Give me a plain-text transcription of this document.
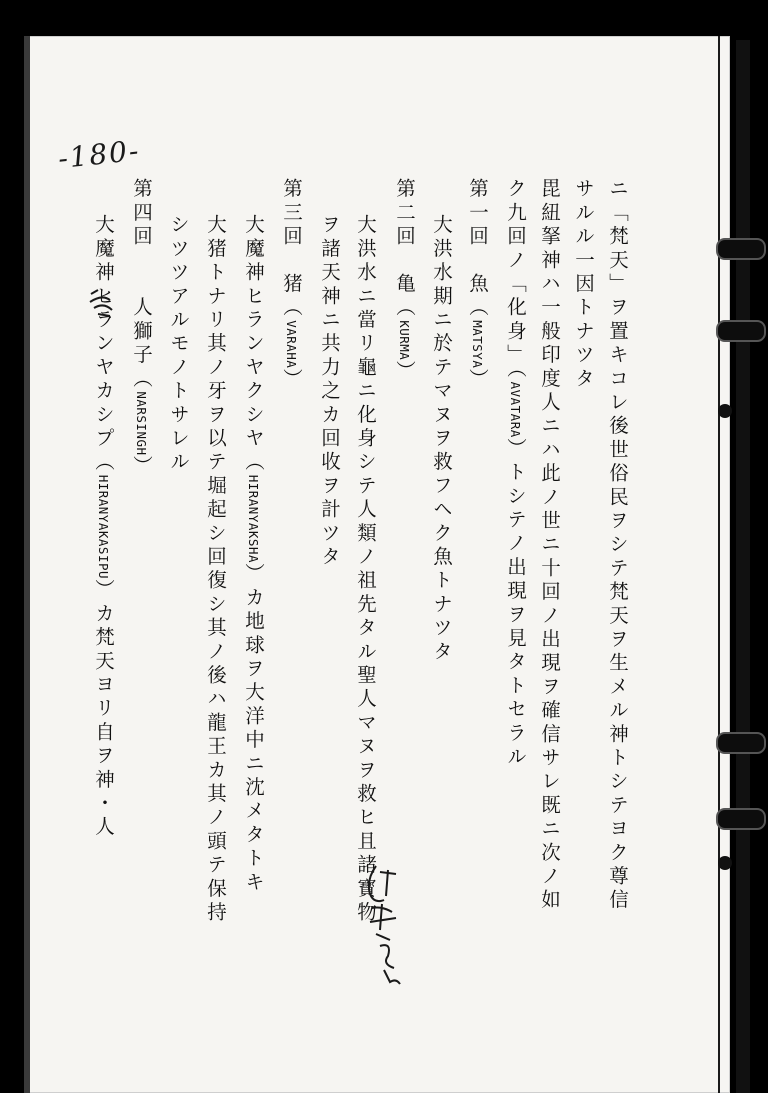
-180-
ニ「梵天」ヲ置キコレ後世俗民ヲシテ梵天ヲ生メル神トシテヨク尊信
サルル一因トナツタ
毘紐拏神ハ一般印度人ニハ此ノ世ニ十回ノ出現ヲ確信サレ既ニ次ノ如
ク九回ノ「化身」（AVATARA）トシテノ出現ヲ見タトセラル
第一回　魚（MATSYA）
大洪水期ニ於テマヌヲ救フヘク魚トナツタ
第二回　亀（KURMA）
大洪水ニ當リ龜ニ化身シテ人類ノ祖先タル聖人マヌヲ救ヒ且諸寳物
ヲ諸天神ニ共力之カ回收ヲ計ツタ
第三回　猪（VARAHA）
大魔神ヒランヤクシヤ（HIRANYAKSHA）カ地球ヲ大洋中ニ沈メタトキ
大猪トナリ其ノ牙ヲ以テ堀起シ回復シ其ノ後ハ龍王カ其ノ頭テ保持
シツツアルモノトサレル
第四回　　人獅子（NARSINGH）
大魔神ヒランヤカシプ（HIRANYAKASIPU）カ梵天ヨリ自ヲ神・人
